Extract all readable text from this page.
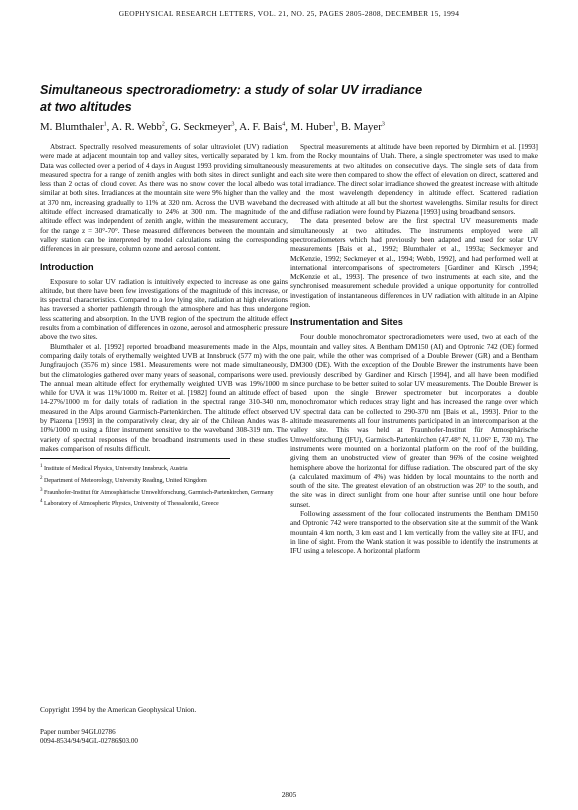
GEOPHYSICAL RESEARCH LETTERS, VOL. 21, NO. 25, PAGES 2805-2808, DECEMBER 15, 1994
Simultaneous spectroradiometry: a study of solar UV irradiance
at two altitudes
M. Blumthaler$^1$, A. R. Webb$^2$, G. Seckmeyer$^3$, A. F. Bais$^4$, M. Huber$^1$, B. Mayer$^3$

Abstract. Spectrally resolved measurements of solar ultraviolet (UV) radiation were made at adjacent mountain top and valley sites, vertically separated by 1 km. Data was collected over a period of 4 days in August 1993 providing simultaneously measured spectra for a range of zenith angles with both sites in direct sunlight and less than 2 octas of cloud cover. As there was no snow cover the local albedo was similar at both sites. Irradiances at the mountain site were 9% higher than the valley at 370 nm, increasing gradually to 11% at 320 nm. Across the UVB waveband the altitude effect increased dramatically to 24% at 300 nm. The magnitude of the altitude effect was independent of zenith angle, within the measurement accuracy, for the range z = 30°-70°. These measured differences between the mountain and valley station can be interpreted by model calculations using the corresponding differences in air pressure, column ozone and aerosol content.

Introduction

Exposure to solar UV radiation is intuitively expected to increase as one gains altitude, but there have been few investigations of the magnitude of this increase, or its spectral characteristics. Compared to a low lying site, radiation at high elevations has traversed a shorter pathlength through the atmosphere and has thus undergone less scattering and absorption. In the UVB region of the spectrum the altitude effect results from a combination of differences in ozone, aerosol and atmospheric pressure above the two sites.

Blumthaler et al. [1992] reported broadband measurements made in the Alps, comparing daily totals of erythemally weighted UVB at Innsbruck (577 m) with the Jungfraujoch (3576 m) since 1981. Measurements were not made simultaneously, but the climatologies gathered over many years of seasonal, comparisons were used. The annual mean altitude effect for erythemally weighted UVB was 19%/1000 m while for UVA it was 11%/1000 m. Reiter et al. [1982] found an altitude effect of 14-27%/1000 m for daily totals of radiation in the spectral range 310-340 nm, measured in the Alps around Garmisch-Partenkirchen. The altitude effect observed by Piazena [1993] in the comparatively clear, dry air of the Chilean Andes was 8-10%/1000 m using a filter instrument sensitive to the waveband 308-319 nm. The variety of spectral responses of the broadband instruments used in these studies makes comparison of results difficult.

$^1$ Institute of Medical Physics, University Innsbruck, Austria

$^2$ Department of Meteorology, University Reading, United Kingdom

$^3$ Fraunhofer-Institut für Atmosphärische Umweltforschung, Garmisch-Partenkirchen, Germany

$^4$ Laboratory of Atmospheric Physics, University of Thessaloniki, Greece

Copyright 1994 by the American Geophysical Union.
Paper number 94GL02786
0094-8534/94/94GL-02786$03.00

Spectral measurements at altitude have been reported by Dirmhirn et al. [1993] from the Rocky mountains of Utah. There, a single spectrometer was used to make measurements at two altitudes on consecutive days. The single sets of data from each site were then compared to show the effect of elevation on direct, scattered and total irradiance. The direct solar irradiance showed the greatest increase with altitude and the most wavelength dependency in altitude effect. Scattered radiation decreased with altitude at all but the shortest wavelengths. Similar results for direct and diffuse radiation were found by Piazena [1993] using broadband sensors.

The data presented below are the first spectral UV measurements made simultaneously at two altitudes. The instruments employed were all spectroradiometers which had previously been adapted and used for solar UV measurements [Bais et al., 1992; Blumthaler et al., 1993a; Seckmeyer and McKenzie, 1992; Seckmeyer et al., 1994; Webb, 1992], and had performed well at international intercomparisons of spectrometers [Gardiner and Kirsch ,1994; McKenzie et al., 1993]. The presence of two instruments at each site, and the synchronised measurement schedule provided a unique opportunity for controlled investigation of instantaneous differences in UV radiation with altitude in an Alpine region.

Instrumentation and Sites

Four double monochromator spectroradiometers were used, two at each of the mountain and valley sites. A Bentham DM150 (AI) and Optronic 742 (OE) formed one pair, while the other was comprised of a Double Brewer (GR) and a Bentham DM300 (DE). With the exception of the Double Brewer the instruments have been previously described by Gardiner and Kirsch [1994], and all have been modified since purchase to be better suited to solar UV measurements. The Double Brewer is based upon the single Brewer spectrometer but incorporates a double monochromator which reduces stray light and has increased the range over which UV spectral data can be collected to 290-370 nm [Bais et al., 1993]. Prior to the altitude measurements all four instruments participated in an intercomparison at the valley site. This was held at Fraunhofer-Institut für Atmosphärische Umweltforschung (IFU), Garmisch-Partenkirchen (47.48° N, 11.06° E, 730 m). The instruments were mounted on a horizontal platform on the roof of the building, giving them an unobstructed view of greater than 96% of the cosine weighted hemisphere above the horizontal for diffuse radiation. The obscured part of the sky (a calculated maximum of 4%) was hidden by local mountains to the north and south of the site. The greatest elevation of an obstruction was 20° to the south, and the site was in direct sunlight from one hour after sunrise until one hour before sunset.

Following assessment of the four collocated instruments the Bentham DM150 and Optronic 742 were transported to the observation site at the summit of the Wank mountain 4 km north, 3 km east and 1 km vertically from the valley site at IFU, and in line of sight. From the Wank station it was possible to identify the instruments at IFU using a telescope. A horizontal platform

2805
